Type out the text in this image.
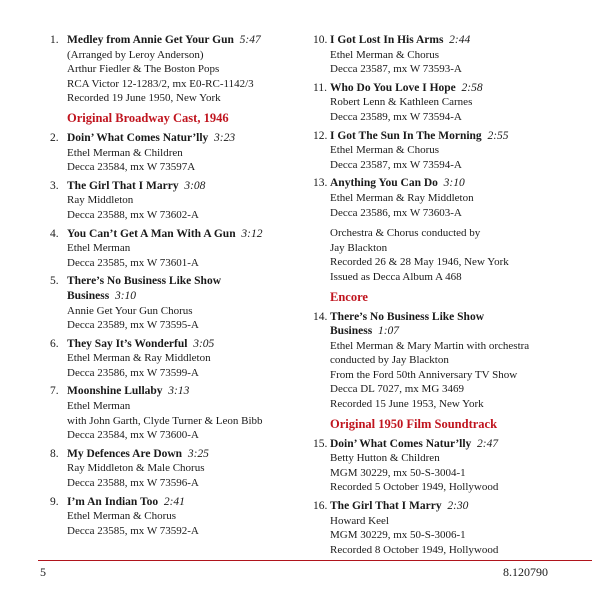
1. Medley from Annie Get Your Gun  5:47
(Arranged by Leroy Anderson)
Arthur Fiedler & The Boston Pops
RCA Victor 12-1283/2, mx E0-RC-1142/3
Recorded 19 June 1950, New York
Original Broadway Cast, 1946
2. Doin’ What Comes Natur’lly  3:23
Ethel Merman & Children
Decca 23584, mx W 73597A
3. The Girl That I Marry  3:08
Ray Middleton
Decca 23588, mx W 73602-A
4. You Can’t Get A Man With A Gun  3:12
Ethel Merman
Decca 23585, mx W 73601-A
5. There’s No Business Like Show
Business  3:10
Annie Get Your Gun Chorus
Decca 23589, mx W 73595-A
6. They Say It’s Wonderful  3:05
Ethel Merman & Ray Middleton
Decca 23586, mx W 73599-A
7. Moonshine Lullaby  3:13
Ethel Merman
with John Garth, Clyde Turner & Leon Bibb
Decca 23584, mx W 73600-A
8. My Defences Are Down  3:25
Ray Middleton & Male Chorus
Decca 23588, mx W 73596-A
9. I’m An Indian Too  2:41
Ethel Merman & Chorus
Decca 23585, mx W 73592-A
10. I Got Lost In His Arms  2:44
Ethel Merman & Chorus
Decca 23587, mx W 73593-A
11. Who Do You Love I Hope  2:58
Robert Lenn & Kathleen Carnes
Decca 23589, mx W 73594-A
12. I Got The Sun In The Morning  2:55
Ethel Merman & Chorus
Decca 23587, mx W 73594-A
13. Anything You Can Do  3:10
Ethel Merman & Ray Middleton
Decca 23586, mx W 73603-A
Orchestra & Chorus conducted by
Jay Blackton
Recorded 26 & 28 May 1946, New York
Issued as Decca Album A 468
Encore
14. There’s No Business Like Show
Business  1:07
Ethel Merman & Mary Martin with orchestra
conducted by Jay Blackton
From the Ford 50th Anniversary TV Show
Decca DL 7027, mx MG 3469
Recorded 15 June 1953, New York
Original 1950 Film Soundtrack
15. Doin’ What Comes Natur’lly  2:47
Betty Hutton & Children
MGM 30229, mx 50-S-3004-1
Recorded 5 October 1949, Hollywood
16. The Girl That I Marry  2:30
Howard Keel
MGM 30229, mx 50-S-3006-1
Recorded 8 October 1949, Hollywood
5	8.120790
